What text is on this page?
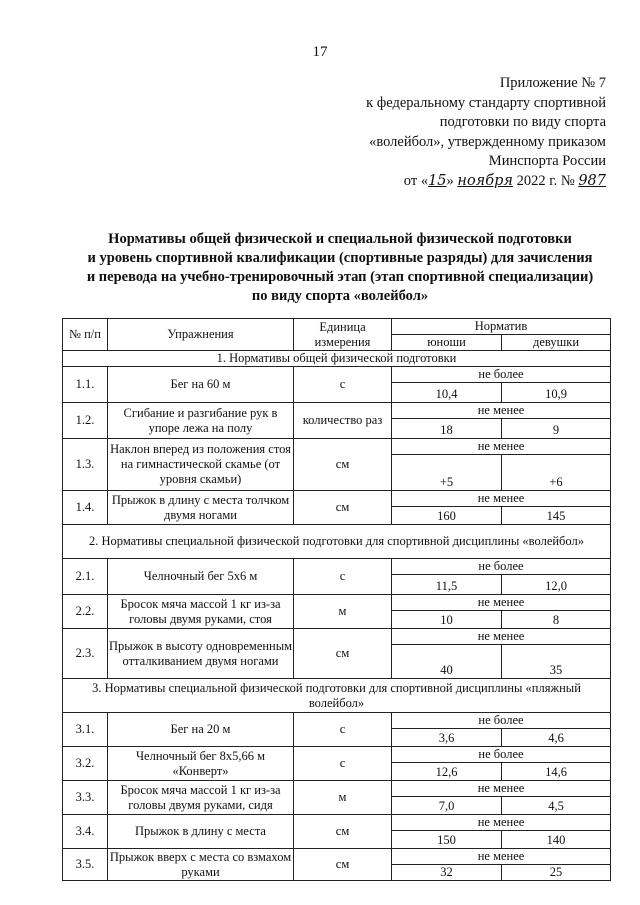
17
Приложение № 7
к федеральному стандарту спортивной
подготовки по виду спорта
«волейбол», утвержденному приказом
Минспорта России
от «15» ноября 2022 г. № 987
Нормативы общей физической и специальной физической подготовки
и уровень спортивной квалификации (спортивные разряды) для зачисления
и перевода на учебно-тренировочный этап (этап спортивной специализации)
по виду спорта «волейбол»
№ п/п	Упражнения	Единица измерения	Норматив	
			юноши	девушки
1. Нормативы общей физической подготовки				
1.1.	Бег на 60 м	с	не более	
			10,4	10,9
1.2.	Сгибание и разгибание рук в упоре лежа на полу	количество раз	не менее	
			18	9
1.3.	Наклон вперед из положения стоя на гимнастической скамье (от уровня скамьи)	см	не менее	
			+5	+6
1.4.	Прыжок в длину с места толчком двумя ногами	см	не менее	
			160	145
2. Нормативы специальной физической подготовки для спортивной дисциплины «волейбол»				
2.1.	Челночный бег 5х6 м	с	не более	
			11,5	12,0
2.2.	Бросок мяча массой 1 кг из-за головы двумя руками, стоя	м	не менее	
			10	8
2.3.	Прыжок в высоту одновременным отталкиванием двумя ногами	см	не менее	
			40	35
3. Нормативы специальной физической подготовки для спортивной дисциплины «пляжный волейбол»				
3.1.	Бег на 20 м	с	не более	
			3,6	4,6
3.2.	Челночный бег 8х5,66 м «Конверт»	с	не более	
			12,6	14,6
3.3.	Бросок мяча массой 1 кг из-за головы двумя руками, сидя	м	не менее	
			7,0	4,5
3.4.	Прыжок в длину с места	см	не менее	
			150	140
3.5.	Прыжок вверх с места со взмахом руками	см	не менее	
			32	25
